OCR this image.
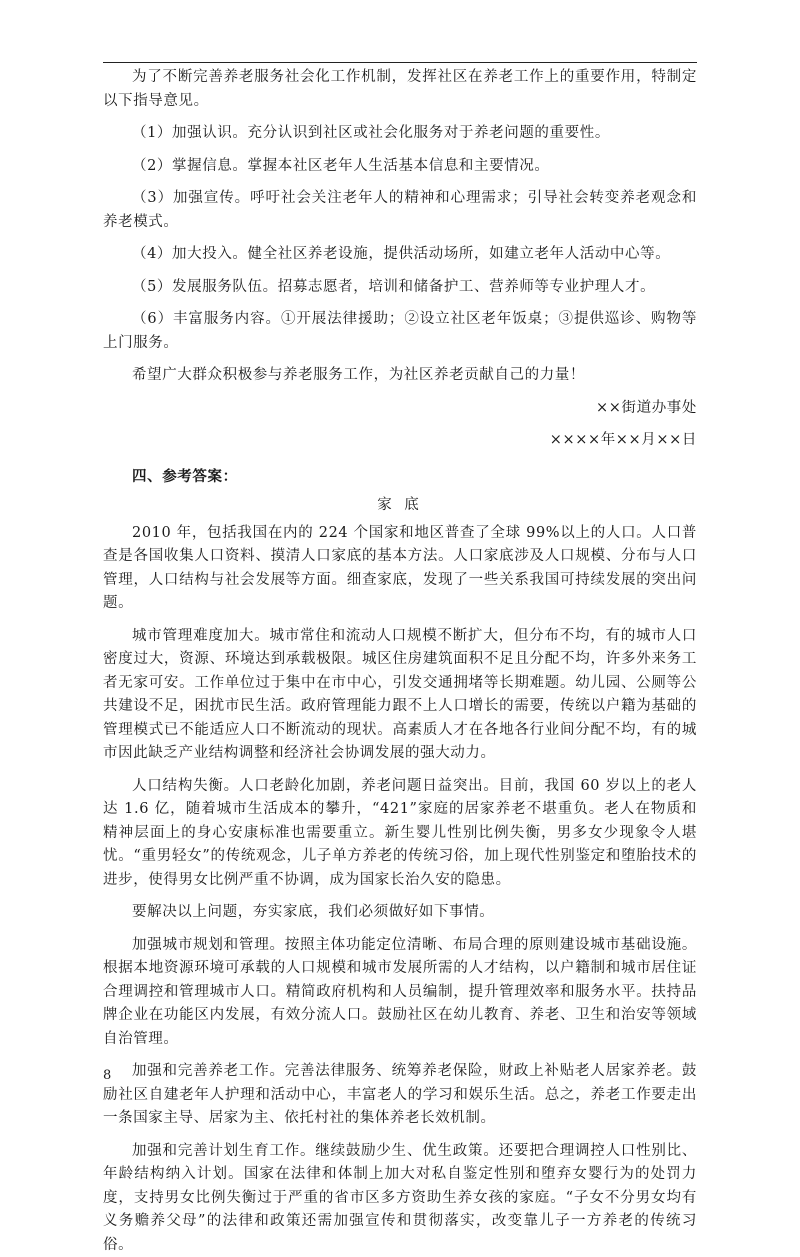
为了不断完善养老服务社会化工作机制，发挥社区在养老工作上的重要作用，特制定以下指导意见。

（1）加强认识。充分认识到社区或社会化服务对于养老问题的重要性。

（2）掌握信息。掌握本社区老年人生活基本信息和主要情况。

（3）加强宣传。呼吁社会关注老年人的精神和心理需求；引导社会转变养老观念和养老模式。

（4）加大投入。健全社区养老设施，提供活动场所，如建立老年人活动中心等。

（5）发展服务队伍。招募志愿者，培训和储备护工、营养师等专业护理人才。

（6）丰富服务内容。①开展法律援助；②设立社区老年饭桌；③提供巡诊、购物等上门服务。

希望广大群众积极参与养老服务工作，为社区养老贡献自己的力量！

××街道办事处

××××年××月××日

四、参考答案：

家 底

2010 年，包括我国在内的 224 个国家和地区普查了全球 99%以上的人口。人口普查是各国收集人口资料、摸清人口家底的基本方法。人口家底涉及人口规模、分布与人口管理，人口结构与社会发展等方面。细查家底，发现了一些关系我国可持续发展的突出问题。

城市管理难度加大。城市常住和流动人口规模不断扩大，但分布不均，有的城市人口密度过大，资源、环境达到承载极限。城区住房建筑面积不足且分配不均，许多外来务工者无家可安。工作单位过于集中在市中心，引发交通拥堵等长期难题。幼儿园、公厕等公共建设不足，困扰市民生活。政府管理能力跟不上人口增长的需要，传统以户籍为基础的管理模式已不能适应人口不断流动的现状。高素质人才在各地各行业间分配不均，有的城市因此缺乏产业结构调整和经济社会协调发展的强大动力。

人口结构失衡。人口老龄化加剧，养老问题日益突出。目前，我国 60 岁以上的老人达 1.6 亿，随着城市生活成本的攀升，“421”家庭的居家养老不堪重负。老人在物质和精神层面上的身心安康标准也需要重立。新生婴儿性别比例失衡，男多女少现象令人堪忧。“重男轻女”的传统观念，儿子单方养老的传统习俗，加上现代性别鉴定和堕胎技术的进步，使得男女比例严重不协调，成为国家长治久安的隐患。

要解决以上问题，夯实家底，我们必须做好如下事情。

加强城市规划和管理。按照主体功能定位清晰、布局合理的原则建设城市基础设施。根据本地资源环境可承载的人口规模和城市发展所需的人才结构，以户籍制和城市居住证合理调控和管理城市人口。精简政府机构和人员编制，提升管理效率和服务水平。扶持品牌企业在功能区内发展，有效分流人口。鼓励社区在幼儿教育、养老、卫生和治安等领域自治管理。

加强和完善养老工作。完善法律服务、统筹养老保险，财政上补贴老人居家养老。鼓励社区自建老年人护理和活动中心，丰富老人的学习和娱乐生活。总之，养老工作要走出一条国家主导、居家为主、依托村社的集体养老长效机制。

加强和完善计划生育工作。继续鼓励少生、优生政策。还要把合理调控人口性别比、年龄结构纳入计划。国家在法律和体制上加大对私自鉴定性别和堕弃女婴行为的处罚力度，支持男女比例失衡过于严重的省市区多方资助生养女孩的家庭。“子女不分男女均有义务赡养父母”的法律和政策还需加强宣传和贯彻落实，改变靠儿子一方养老的传统习俗。

8
